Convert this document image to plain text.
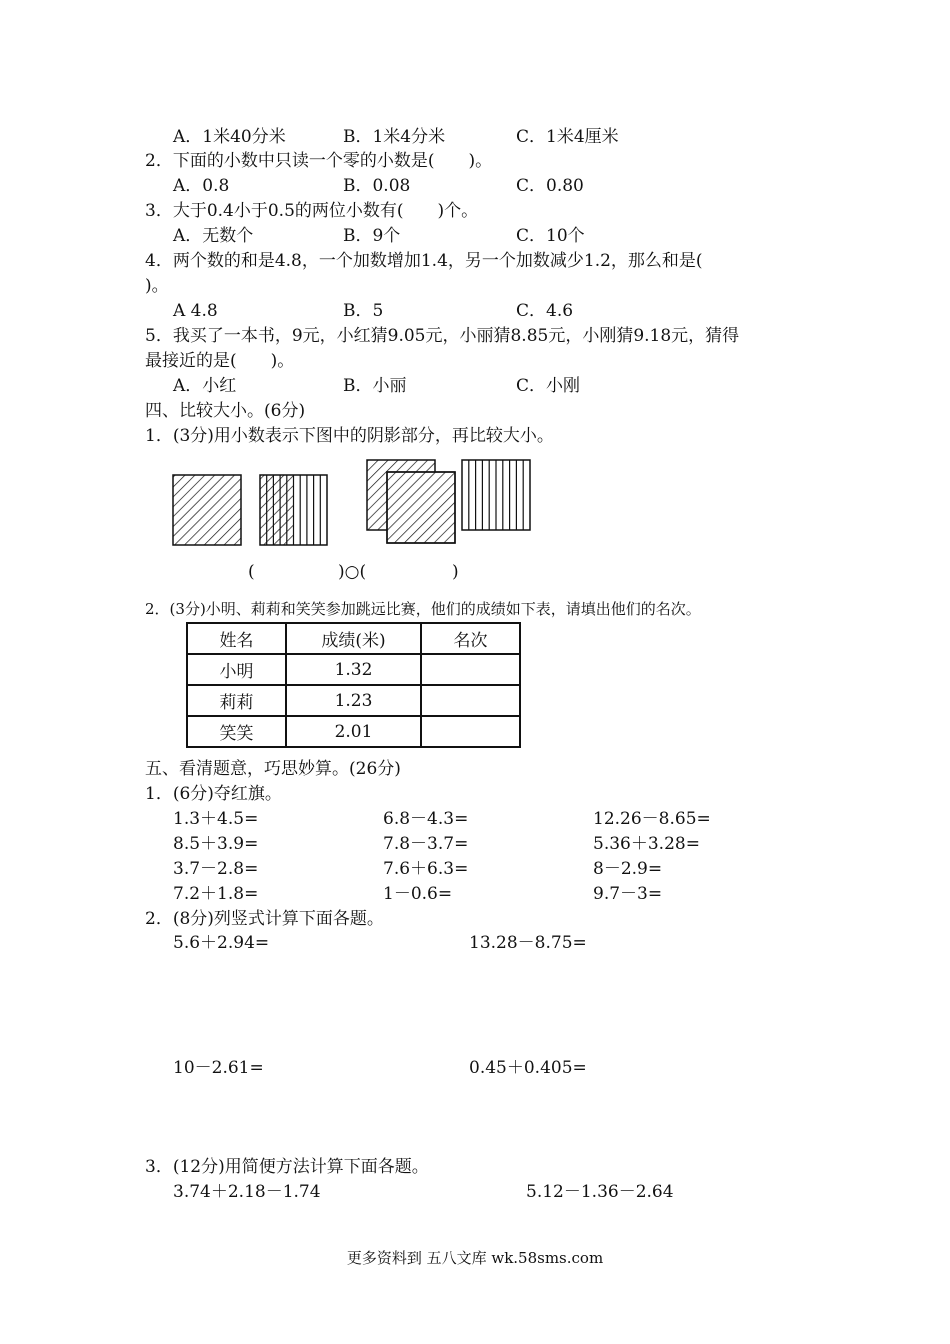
A．1米40分米	B．1米4分米	C．1米4厘米
2．下面的小数中只读一个零的小数是(　　)。
A．0.8	B．0.08	C．0.80
3．大于0.4小于0.5的两位小数有(　　)个。
A．无数个	B．9个	C．10个
4．两个数的和是4.8，一个加数增加1.4，另一个加数减少1.2，那么和是(
)。
A 4.8	B．5	C．4.6
5．我买了一本书，9元，小红猜9.05元，小丽猜8.85元，小刚猜9.18元，猜得
最接近的是(　　)。
A．小红	B．小丽	C．小刚
四、比较大小。(6分)
1．(3分)用小数表示下图中的阴影部分，再比较大小。
(	)○(	)
2．(3分)小明、莉莉和笑笑参加跳远比赛，他们的成绩如下表，请填出他们的名次。
姓名	成绩(米)	名次
小明	1.32	
莉莉	1.23	
笑笑	2.01	
五、看清题意，巧思妙算。(26分)
1．(6分)夺红旗。
1.3＋4.5=	6.8－4.3=	12.26－8.65=
8.5＋3.9=	7.8－3.7=	5.36＋3.28=
3.7－2.8=	7.6＋6.3=	8－2.9=
7.2＋1.8=	1－0.6=	9.7－3=
2．(8分)列竖式计算下面各题。
5.6＋2.94=	13.28－8.75=
10－2.61=	0.45＋0.405=
3．(12分)用简便方法计算下面各题。
3.74＋2.18－1.74	5.12－1.36－2.64
更多资料到 五八文库 wk.58sms.com
